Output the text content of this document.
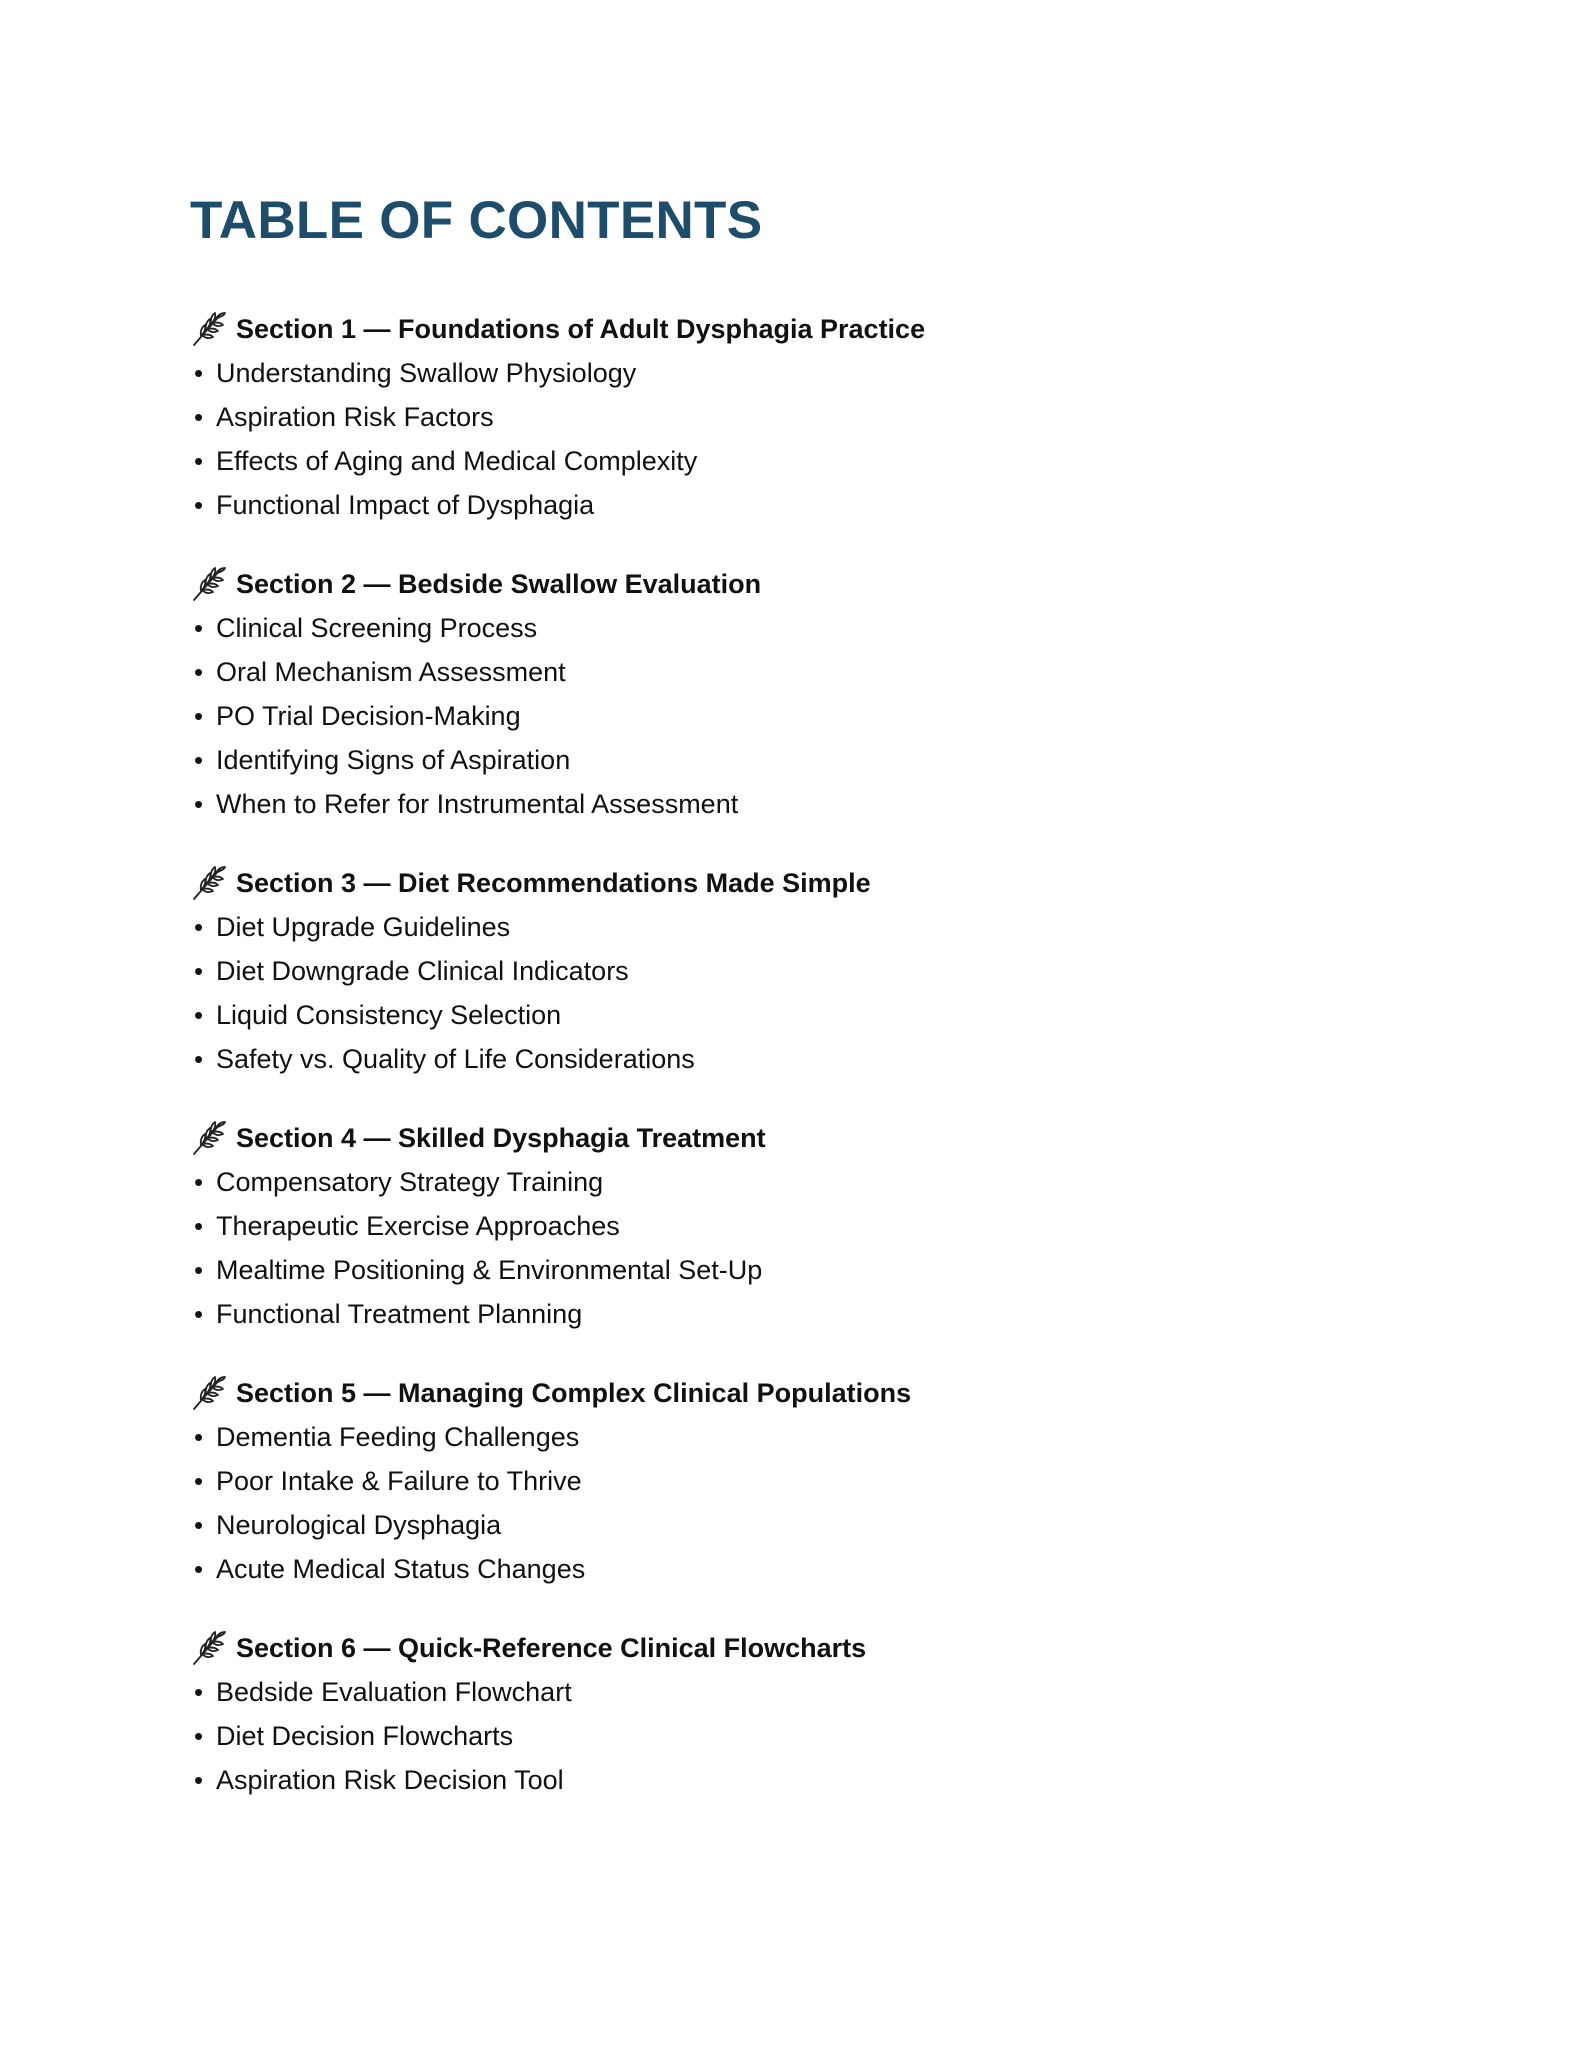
TABLE OF CONTENTS
Section 1 — Foundations of Adult Dysphagia Practice
• Understanding Swallow Physiology
• Aspiration Risk Factors
• Effects of Aging and Medical Complexity
• Functional Impact of Dysphagia
Section 2 — Bedside Swallow Evaluation
• Clinical Screening Process
• Oral Mechanism Assessment
• PO Trial Decision-Making
• Identifying Signs of Aspiration
• When to Refer for Instrumental Assessment
Section 3 — Diet Recommendations Made Simple
• Diet Upgrade Guidelines
• Diet Downgrade Clinical Indicators
• Liquid Consistency Selection
• Safety vs. Quality of Life Considerations
Section 4 — Skilled Dysphagia Treatment
• Compensatory Strategy Training
• Therapeutic Exercise Approaches
• Mealtime Positioning & Environmental Set-Up
• Functional Treatment Planning
Section 5 — Managing Complex Clinical Populations
• Dementia Feeding Challenges
• Poor Intake & Failure to Thrive
• Neurological Dysphagia
• Acute Medical Status Changes
Section 6 — Quick-Reference Clinical Flowcharts
• Bedside Evaluation Flowchart
• Diet Decision Flowcharts
• Aspiration Risk Decision Tool
